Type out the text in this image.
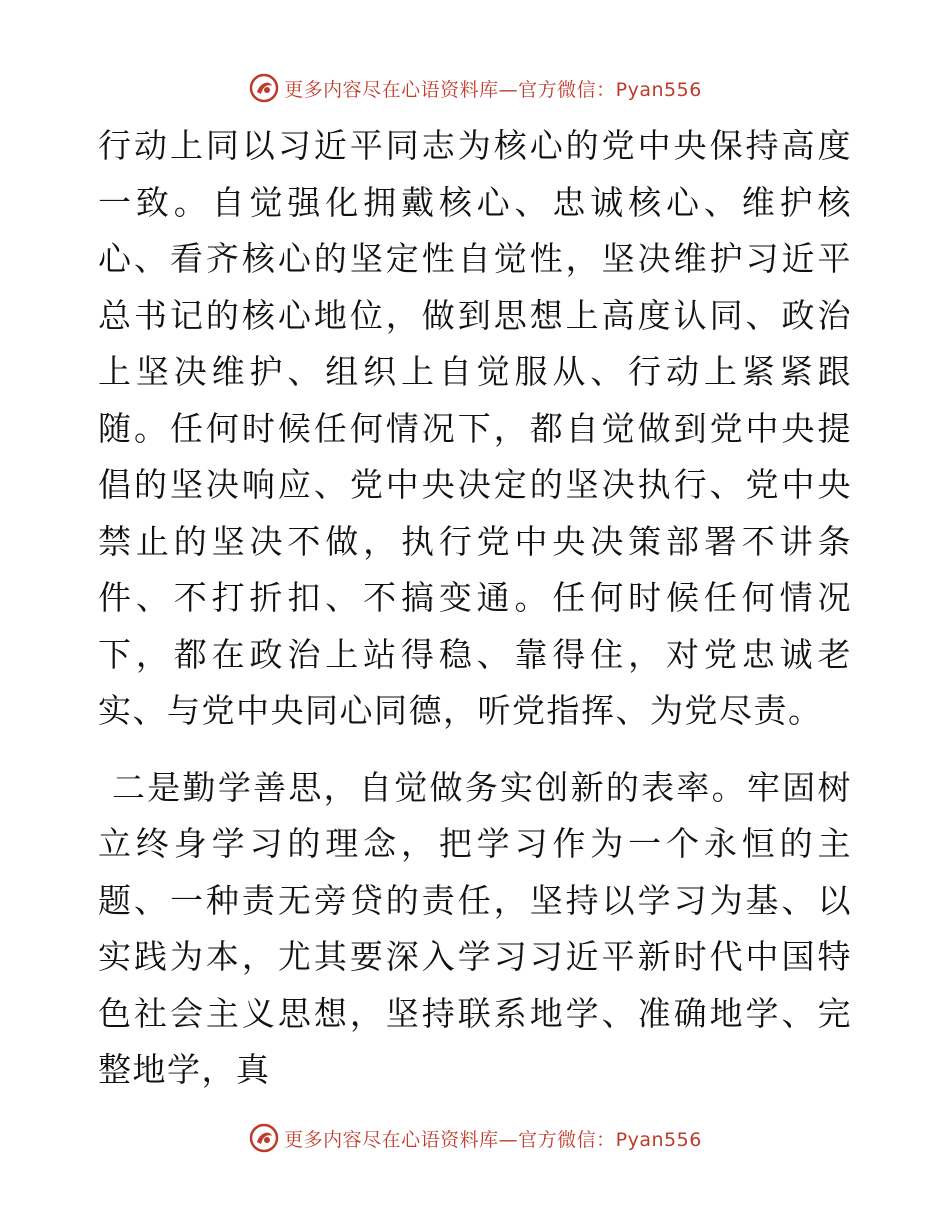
更多内容尽在心语资料库—官方微信：Pyan556

行动上同以习近平同志为核心的党中央保持高度一致。自觉强化拥戴核心、忠诚核心、维护核心、看齐核心的坚定性自觉性，坚决维护习近平总书记的核心地位，做到思想上高度认同、政治上坚决维护、组织上自觉服从、行动上紧紧跟随。任何时候任何情况下，都自觉做到党中央提倡的坚决响应、党中央决定的坚决执行、党中央禁止的坚决不做，执行党中央决策部署不讲条件、不打折扣、不搞变通。任何时候任何情况下，都在政治上站得稳、靠得住，对党忠诚老实、与党中央同心同德，听党指挥、为党尽责。

二是勤学善思，自觉做务实创新的表率。牢固树立终身学习的理念，把学习作为一个永恒的主题、一种责无旁贷的责任，坚持以学习为基、以实践为本，尤其要深入学习习近平新时代中国特色社会主义思想，坚持联系地学、准确地学、完整地学，真

更多内容尽在心语资料库—官方微信：Pyan556
